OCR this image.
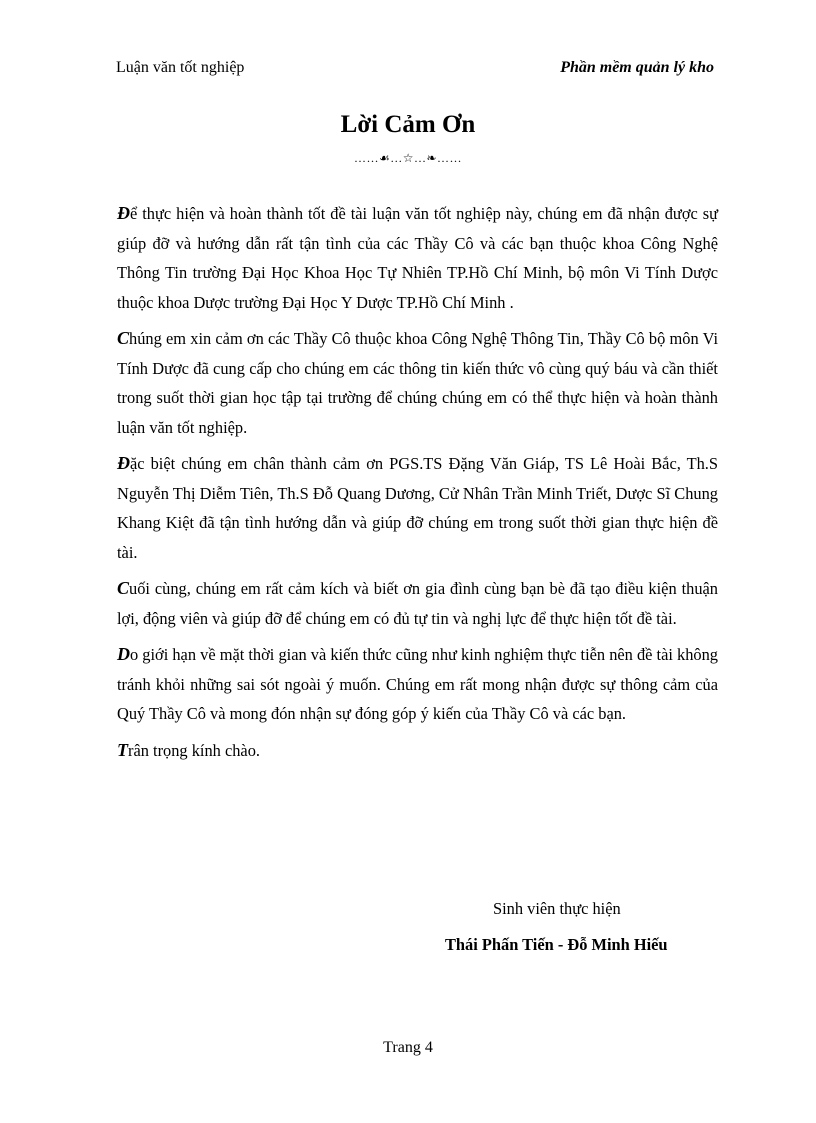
Luận văn tốt nghiệp	Phần mềm quản lý kho
Lời Cảm Ơn
……☙…☆…❧……

Để thực hiện và hoàn thành tốt đề tài luận văn tốt nghiệp này, chúng em đã nhận được sự giúp đỡ và hướng dẫn rất tận tình của các Thầy Cô và các bạn thuộc khoa Công Nghệ Thông Tin trường Đại Học Khoa Học Tự Nhiên TP.Hồ Chí Minh, bộ môn Vi Tính Dược thuộc khoa Dược trường Đại Học Y Dược TP.Hồ Chí Minh .

Chúng em xin cảm ơn các Thầy Cô thuộc khoa Công Nghệ Thông Tin, Thầy Cô bộ môn Vi Tính Dược đã cung cấp cho chúng em các thông tin kiến thức vô cùng quý báu và cần thiết trong suốt thời gian học tập tại trường để chúng chúng em có thể thực hiện và hoàn thành luận văn tốt nghiệp.

Đặc biệt chúng em chân thành cảm ơn PGS.TS Đặng Văn Giáp, TS Lê Hoài Bắc, Th.S Nguyễn Thị Diễm Tiên, Th.S Đỗ Quang Dương, Cử Nhân Trần Minh Triết, Dược Sĩ Chung Khang Kiệt đã tận tình hướng dẫn và giúp đỡ chúng em trong suốt thời gian thực hiện đề tài.

Cuối cùng, chúng em rất cảm kích và biết ơn gia đình cùng bạn bè đã tạo điều kiện thuận lợi, động viên và giúp đỡ để chúng em có đủ tự tin và nghị lực để thực hiện tốt đề tài.

Do giới hạn về mặt thời gian và kiến thức cũng như kinh nghiệm thực tiễn nên đề tài không tránh khỏi những sai sót ngoài ý muốn. Chúng em rất mong nhận được sự thông cảm của Quý Thầy Cô và mong đón nhận sự đóng góp ý kiến của Thầy Cô và các bạn.

Trân trọng kính chào.

Sinh viên thực hiện
Thái Phấn Tiến - Đỗ Minh Hiếu
Trang 4
